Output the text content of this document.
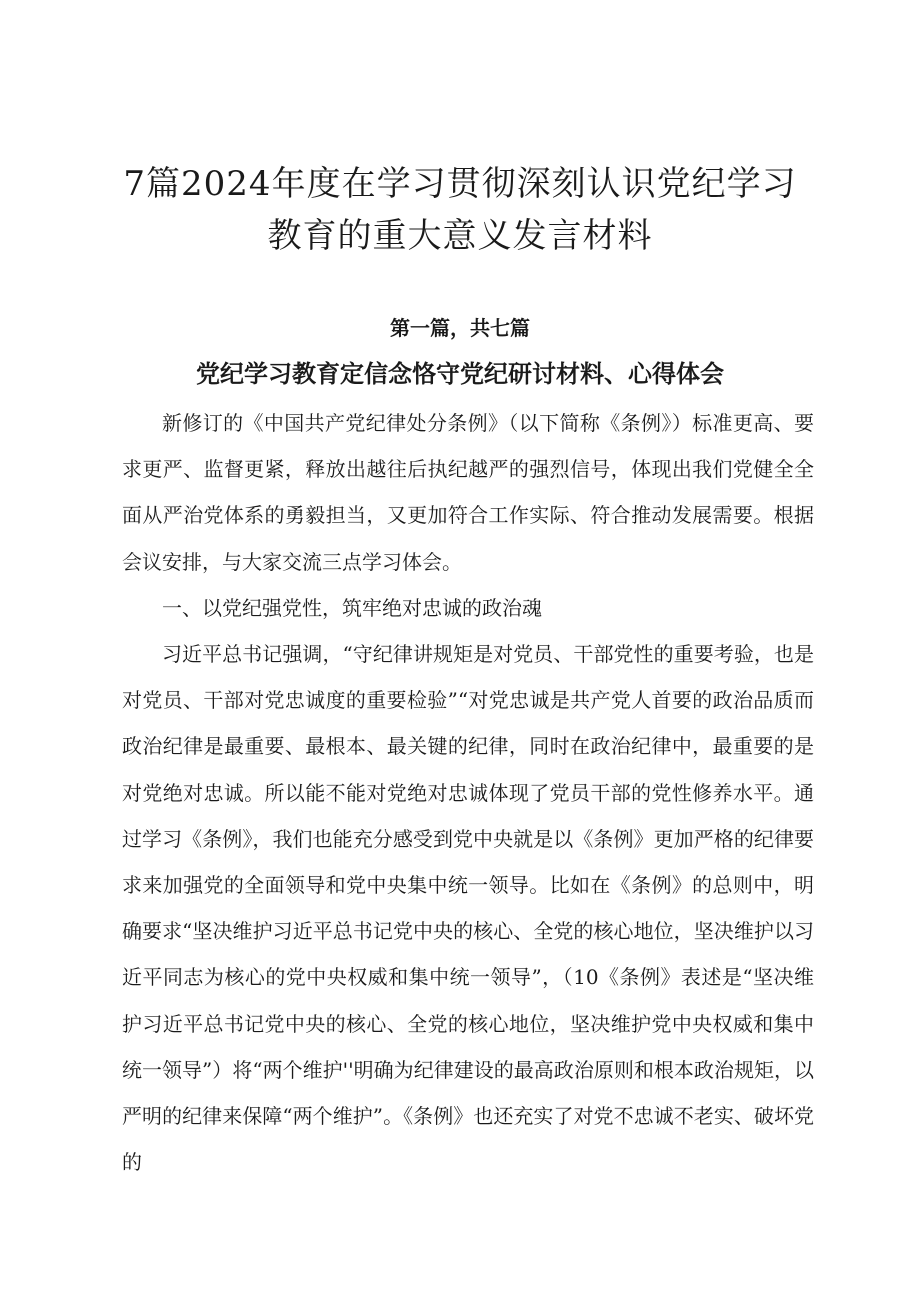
7篇2024年度在学习贯彻深刻认识党纪学习
教育的重大意义发言材料
第一篇，共七篇
党纪学习教育定信念恪守党纪研讨材料、心得体会

新修订的《中国共产党纪律处分条例》（以下简称《条例》）标准更高、要求更严、监督更紧，释放出越往后执纪越严的强烈信号，体现出我们党健全全面从严治党体系的勇毅担当，又更加符合工作实际、符合推动发展需要。根据会议安排，与大家交流三点学习体会。

一、以党纪强党性，筑牢绝对忠诚的政治魂

习近平总书记强调，“守纪律讲规矩是对党员、干部党性的重要考验，也是对党员、干部对党忠诚度的重要检验”“对党忠诚是共产党人首要的政治品质而政治纪律是最重要、最根本、最关键的纪律，同时在政治纪律中，最重要的是对党绝对忠诚。所以能不能对党绝对忠诚体现了党员干部的党性修养水平。通过学习《条例》，我们也能充分感受到党中央就是以《条例》更加严格的纪律要求来加强党的全面领导和党中央集中统一领导。比如在《条例》的总则中，明确要求“坚决维护习近平总书记党中央的核心、全党的核心地位，坚决维护以习近平同志为核心的党中央权威和集中统一领导”，（10《条例》表述是“坚决维护习近平总书记党中央的核心、全党的核心地位，坚决维护党中央权威和集中统一领导”）将“两个维护''明确为纪律建设的最高政治原则和根本政治规矩，以严明的纪律来保障“两个维护”。《条例》也还充实了对党不忠诚不老实、破坏党的
